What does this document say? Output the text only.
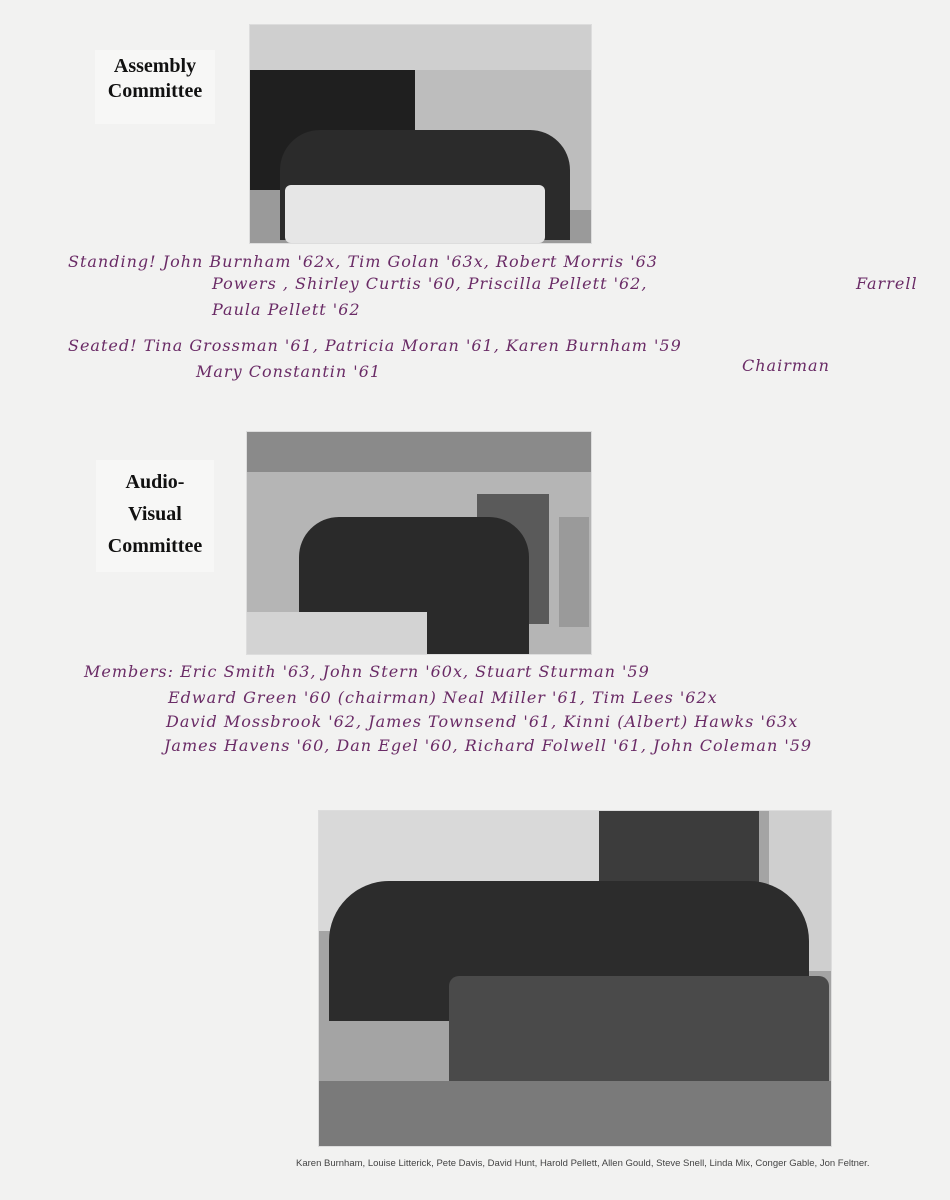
Assembly
Committee
Standing! John Burnham '62x, Tim Golan '63x, Robert Morris '63
Powers , Shirley Curtis '60, Priscilla Pellett '62,	Farrell
Paula Pellett '62
Seated! Tina Grossman '61, Patricia Moran '61, Karen Burnham '59
Mary Constantin '61	Chairman
Audio-
Visual
Committee
Members: Eric Smith '63, John Stern '60x, Stuart Sturman '59
Edward Green '60 (chairman) Neal Miller '61, Tim Lees '62x
David Mossbrook '62, James Townsend '61, Kinni (Albert) Hawks '63x
James Havens '60, Dan Egel '60, Richard Folwell '61, John Coleman '59
Karen Burnham, Louise Litterick, Pete Davis, David Hunt, Harold Pellett, Allen Gould, Steve Snell, Linda Mix, Conger Gable, Jon Feltner.
